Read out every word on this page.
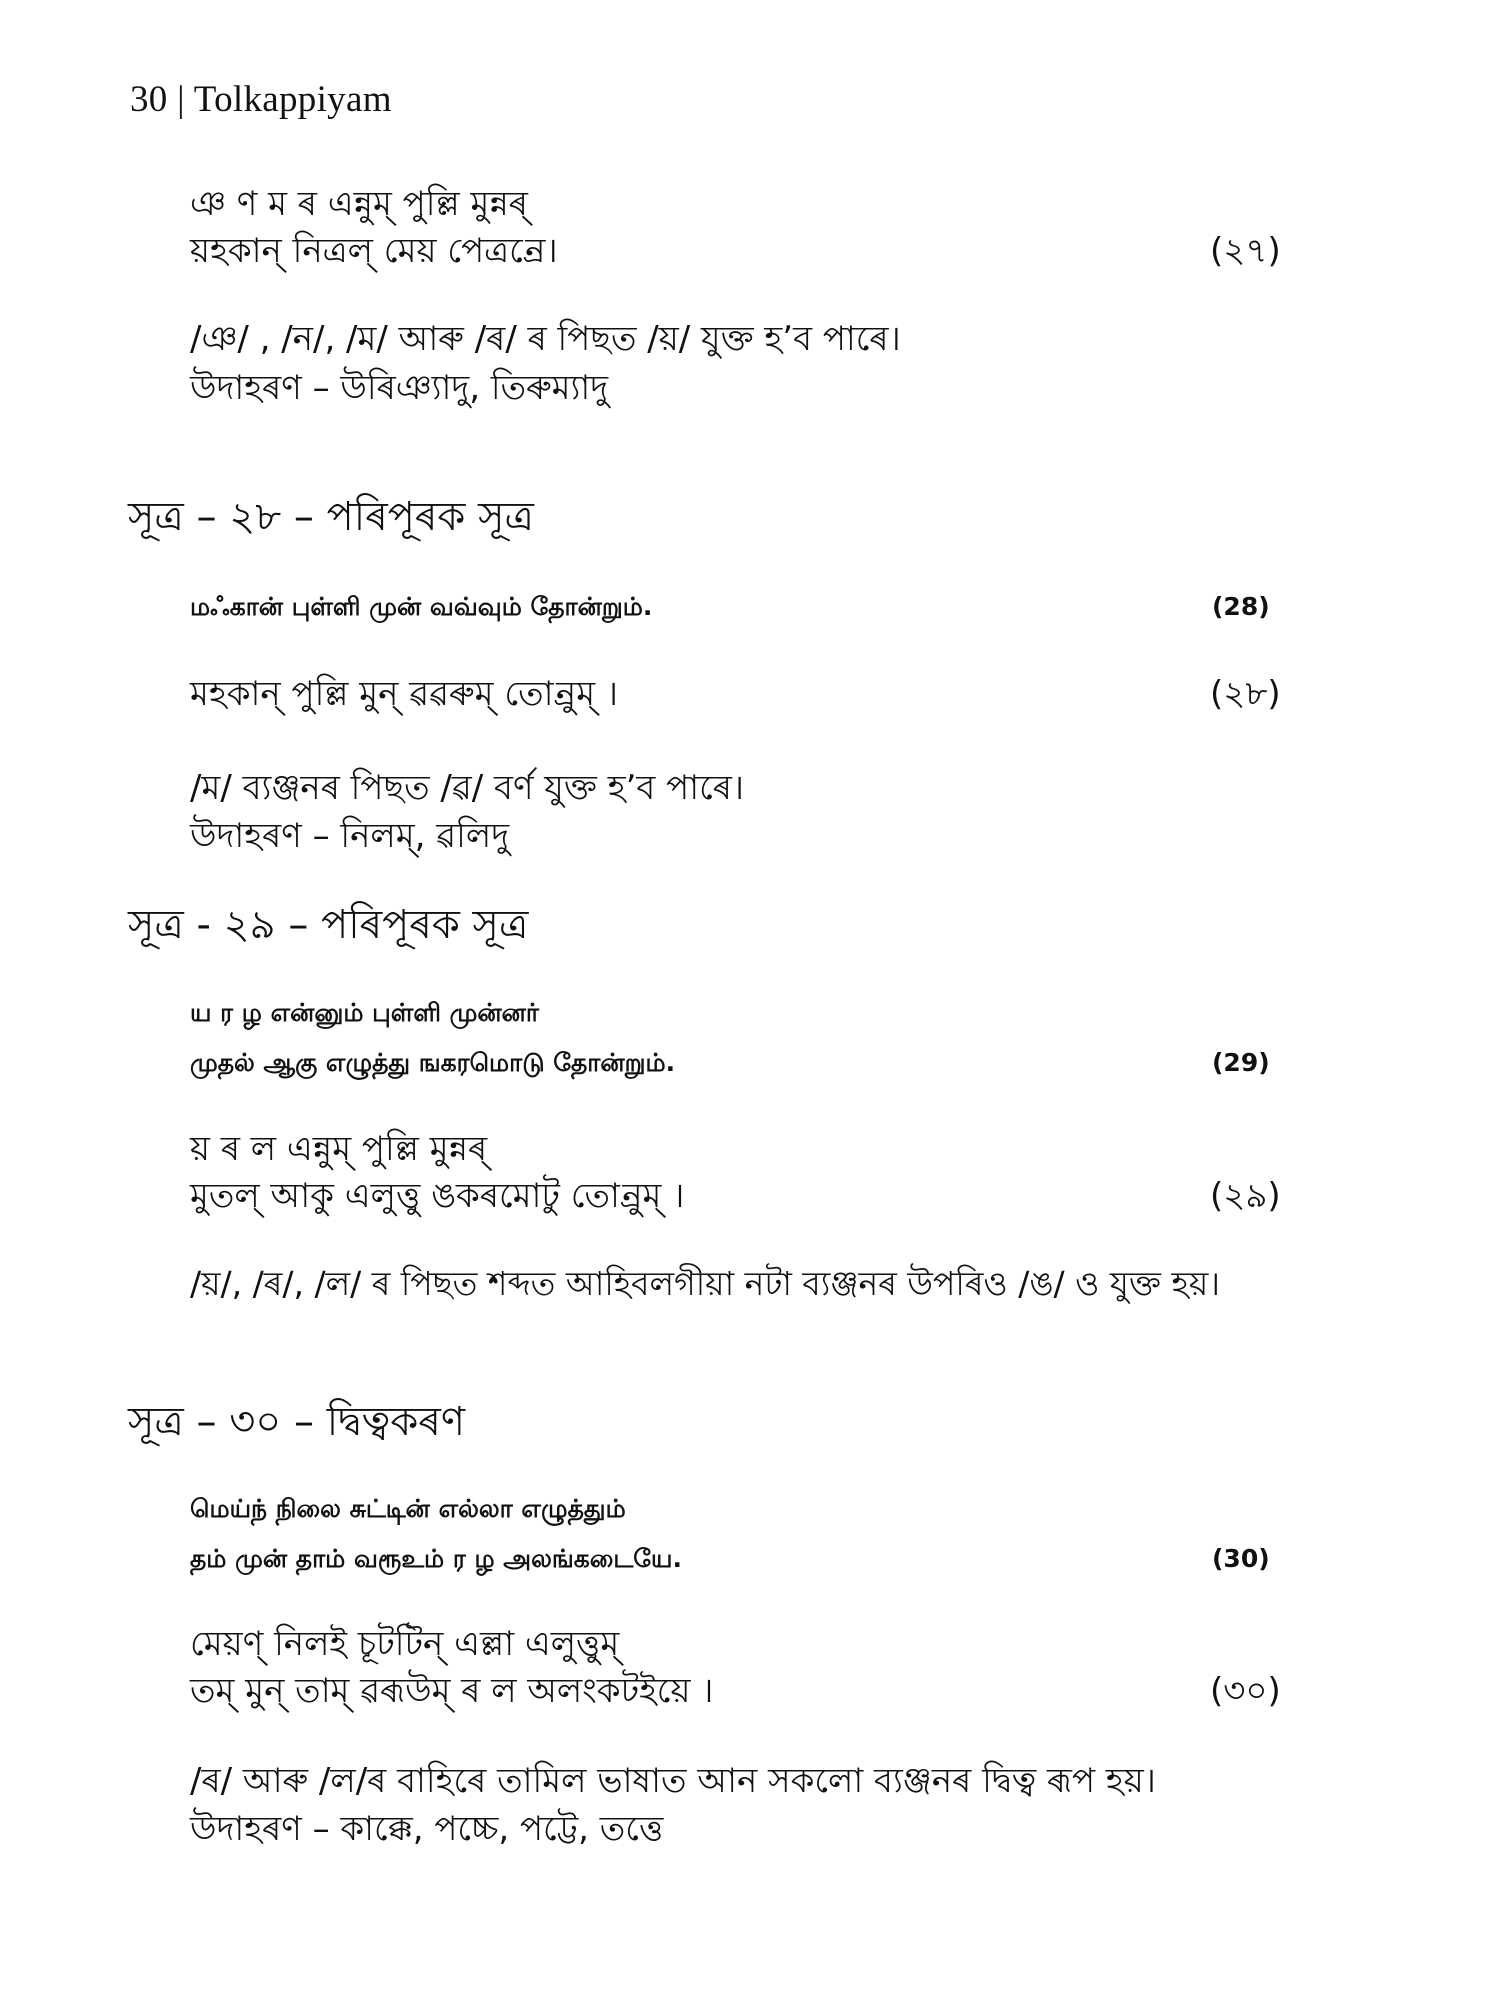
30 | Tolkappiyam
ঞ ণ ম ৰ এন্নুম্ পুল্লি মুন্নৰ্
য়হকান্ নিত্রল্ মেয় পেত্রন্ৰে।	(২৭)
/ঞ/ , /ন/, /ম/ আৰু /ৰ/ ৰ পিছত /য়/ যুক্ত হ’ব পাৰে।
উদাহৰণ – উৰিঞ্যাদু, তিৰুম্যাদু
সূত্র – ২৮ – পৰিপূৰক সূত্র
மஃகான் புள்ளி முன் வவ்வும் தோன்றும்.	(28)
মহকান্ পুল্লি মুন্ ৱৱৰুম্ তোন্ৰুম্ ।	(২৮)
/ম/ ব্যঞ্জনৰ পিছত /ৱ/ বৰ্ণ যুক্ত হ’ব পাৰে।
উদাহৰণ – নিলম্, ৱলিদু
সূত্র - ২৯ – পৰিপূৰক সূত্র
ய ர ழ என்னும் புள்ளி முன்னர்
முதல் ஆகு எழுத்து ஙகரமொடு தோன்றும்.	(29)
য় ৰ ল এন্নুম্ পুল্লি মুন্নৰ্
মুতল্ আকু এলুত্তু ঙকৰমোটু তোন্ৰুম্ ।	(২৯)
/য়/, /ৰ/, /ল/ ৰ পিছত শব্দত আহিবলগীয়া নটা ব্যঞ্জনৰ উপৰিও /ঙ/ ও যুক্ত হয়।
সূত্র – ৩০ – দ্বিত্বকৰণ
மெய்ந் நிலை சுட்டின் எல்லா எழுத்தும்
தம் முன் தாம் வரூஉம் ர ழ அலங்கடையே.	(30)
মেয়ণ্ নিলই চূটটিন্ এল্লা এলুত্তুম্
তম্ মুন্ তাম্ ৱৰূউম্ ৰ ল অলংকটইয়ে ।	(৩০)
/ৰ/ আৰু /ল/ৰ বাহিৰে তামিল ভাষাত আন সকলো ব্যঞ্জনৰ দ্বিত্ব ৰূপ হয়।
উদাহৰণ – কাক্কে, পচ্চে, পট্টে, তত্তে
